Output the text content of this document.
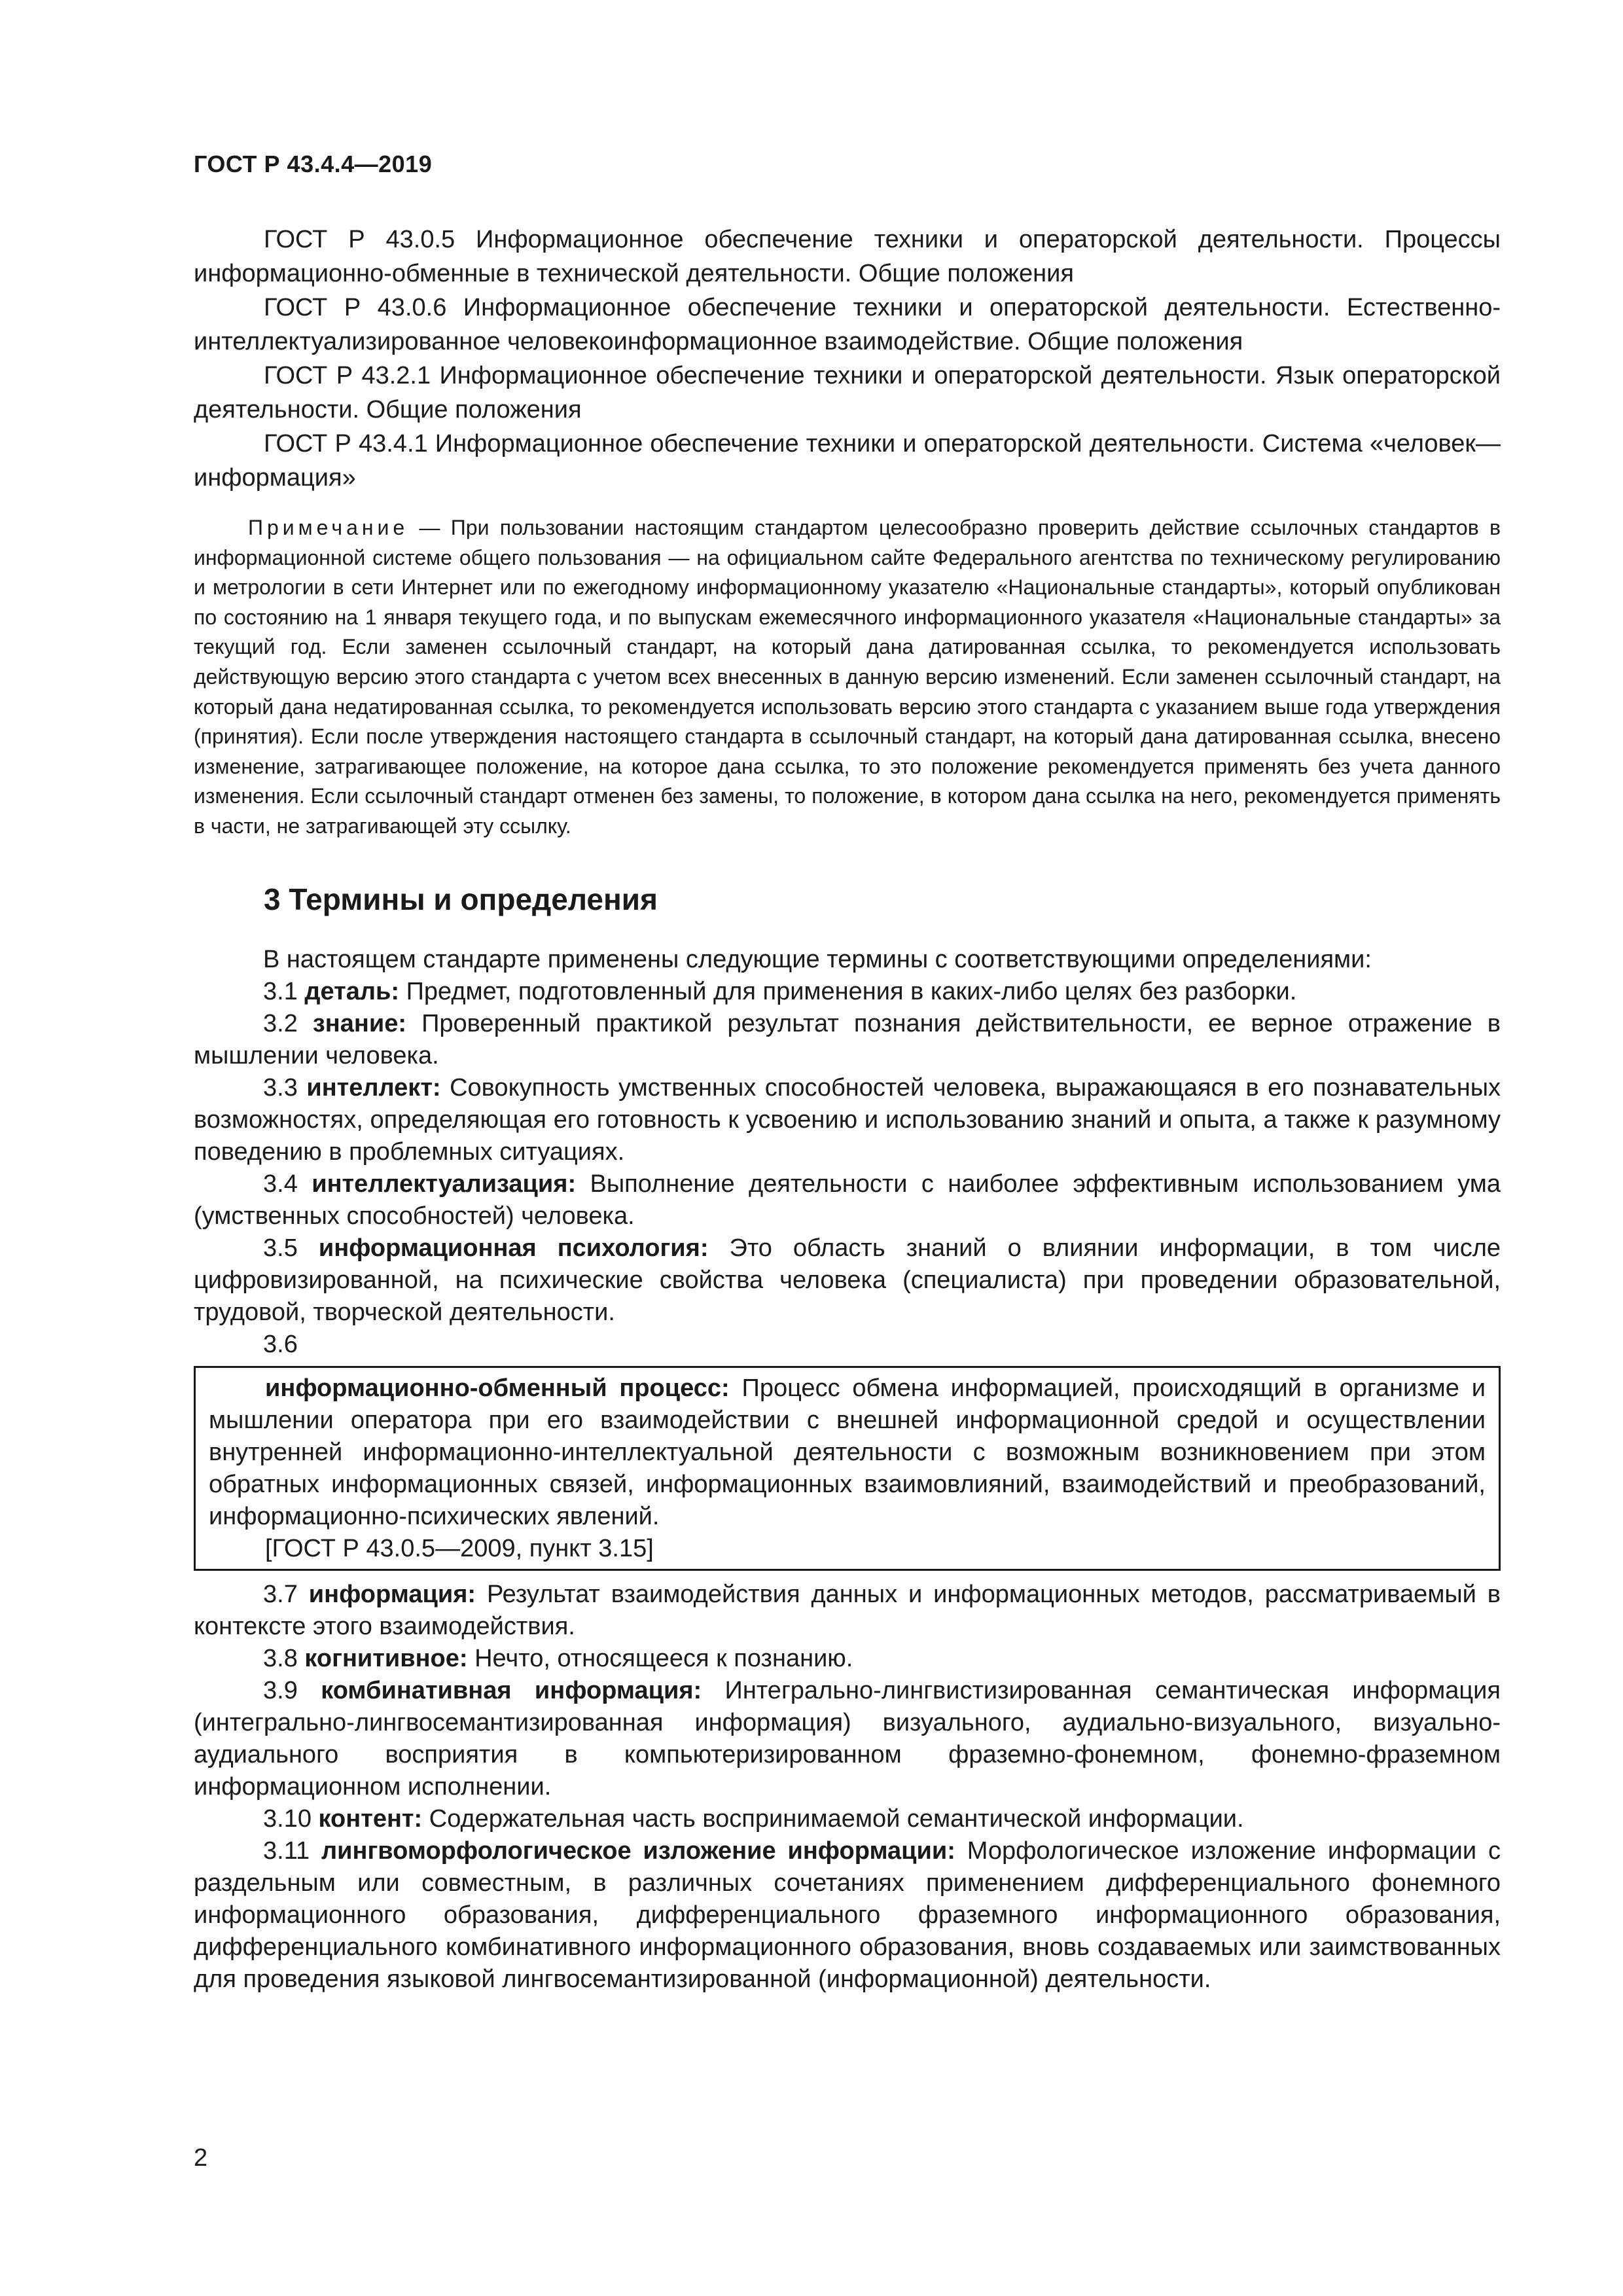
ГОСТ Р 43.4.4—2019

ГОСТ Р 43.0.5 Информационное обеспечение техники и операторской деятельности. Процессы информационно-обменные в технической деятельности. Общие положения

ГОСТ Р 43.0.6 Информационное обеспечение техники и операторской деятельности. Естественно-интеллектуализированное человекоинформационное взаимодействие. Общие положения

ГОСТ Р 43.2.1 Информационное обеспечение техники и операторской деятельности. Язык операторской деятельности. Общие положения

ГОСТ Р 43.4.1 Информационное обеспечение техники и операторской деятельности. Система «человек—информация»

Примечание — При пользовании настоящим стандартом целесообразно проверить действие ссылочных стандартов в информационной системе общего пользования — на официальном сайте Федерального агентства по техническому регулированию и метрологии в сети Интернет или по ежегодному информационному указателю «Национальные стандарты», который опубликован по состоянию на 1 января текущего года, и по выпускам ежемесячного информационного указателя «Национальные стандарты» за текущий год. Если заменен ссылочный стандарт, на который дана датированная ссылка, то рекомендуется использовать действующую версию этого стандарта с учетом всех внесенных в данную версию изменений. Если заменен ссылочный стандарт, на который дана недатированная ссылка, то рекомендуется использовать версию этого стандарта с указанием выше года утверждения (принятия). Если после утверждения настоящего стандарта в ссылочный стандарт, на который дана датированная ссылка, внесено изменение, затрагивающее положение, на которое дана ссылка, то это положение рекомендуется применять без учета данного изменения. Если ссылочный стандарт отменен без замены, то положение, в котором дана ссылка на него, рекомендуется применять в части, не затрагивающей эту ссылку.

3 Термины и определения

В настоящем стандарте применены следующие термины с соответствующими определениями:

3.1 деталь: Предмет, подготовленный для применения в каких-либо целях без разборки.

3.2 знание: Проверенный практикой результат познания действительности, ее верное отражение в мышлении человека.

3.3 интеллект: Совокупность умственных способностей человека, выражающаяся в его познавательных возможностях, определяющая его готовность к усвоению и использованию знаний и опыта, а также к разумному поведению в проблемных ситуациях.

3.4 интеллектуализация: Выполнение деятельности с наиболее эффективным использованием ума (умственных способностей) человека.

3.5 информационная психология: Это область знаний о влиянии информации, в том числе цифровизированной, на психические свойства человека (специалиста) при проведении образовательной, трудовой, творческой деятельности.

3.6

информационно-обменный процесс: Процесс обмена информацией, происходящий в организме и мышлении оператора при его взаимодействии с внешней информационной средой и осуществлении внутренней информационно-интеллектуальной деятельности с возможным возникновением при этом обратных информационных связей, информационных взаимовлияний, взаимодействий и преобразований, информационно-психических явлений.

[ГОСТ Р 43.0.5—2009, пункт 3.15]

3.7 информация: Результат взаимодействия данных и информационных методов, рассматриваемый в контексте этого взаимодействия.

3.8 когнитивное: Нечто, относящееся к познанию.

3.9 комбинативная информация: Интегрально-лингвистизированная семантическая информация (интегрально-лингвосемантизированная информация) визуального, аудиально-визуального, визуально-аудиального восприятия в компьютеризированном фраземно-фонемном, фонемно-фраземном информационном исполнении.

3.10 контент: Содержательная часть воспринимаемой семантической информации.

3.11 лингвоморфологическое изложение информации: Морфологическое изложение информации с раздельным или совместным, в различных сочетаниях применением дифференциального фонемного информационного образования, дифференциального фраземного информационного образования, дифференциального комбинативного информационного образования, вновь создаваемых или заимствованных для проведения языковой лингвосемантизированной (информационной) деятельности.

2
